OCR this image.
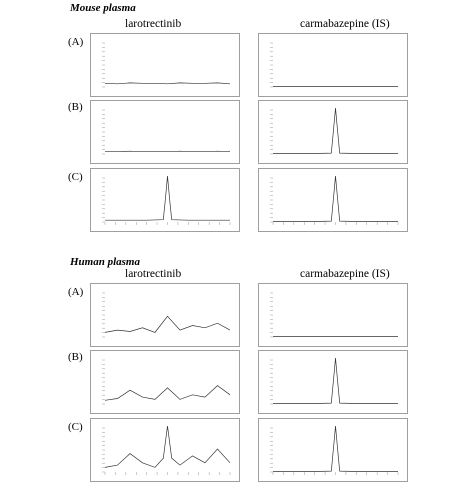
Mouse plasma
larotrectinib	carmabazepine (IS)
(A)
(B)
(C)
Human plasma
larotrectinib	carmabazepine (IS)
(A)
(B)
(C)
